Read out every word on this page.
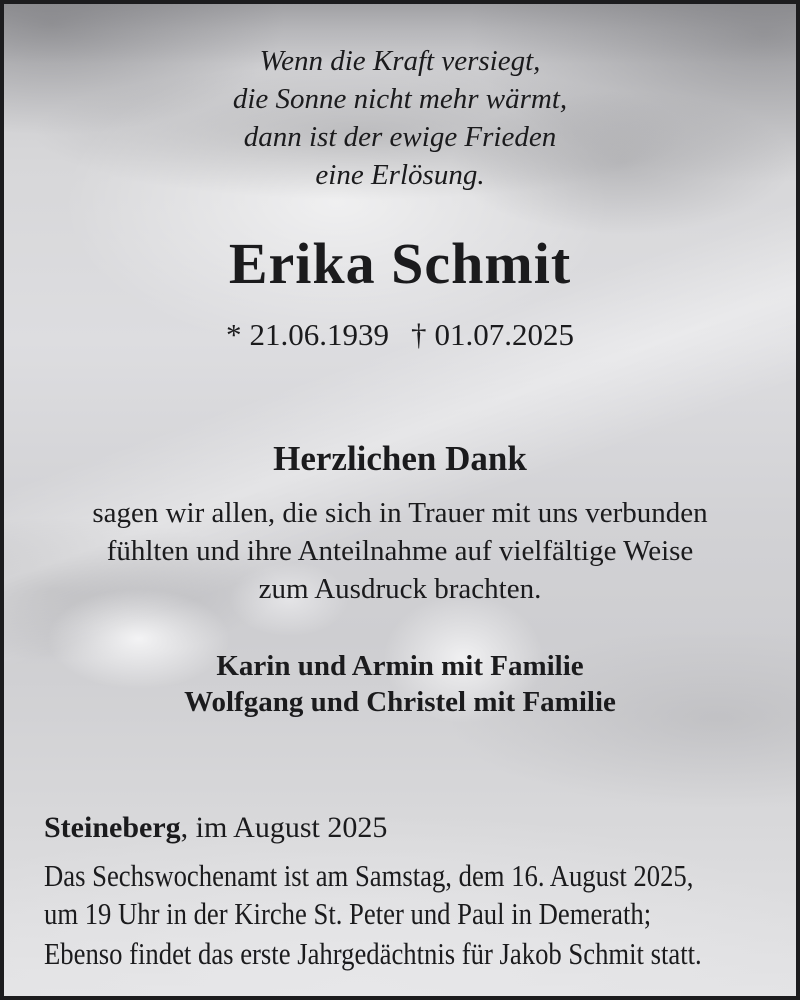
Wenn die Kraft versiegt,
die Sonne nicht mehr wärmt,
dann ist der ewige Frieden
eine Erlösung.
Erika Schmit
* 21.06.1939 † 01.07.2025
Herzlichen Dank
sagen wir allen, die sich in Trauer mit uns verbunden
fühlten und ihre Anteilnahme auf vielfältige Weise
zum Ausdruck brachten.
Karin und Armin mit Familie
Wolfgang und Christel mit Familie
Steineberg, im August 2025
Das Sechswochenamt ist am Samstag, dem 16. August 2025,
um 19 Uhr in der Kirche St. Peter und Paul in Demerath;
Ebenso findet das erste Jahrgedächtnis für Jakob Schmit statt.
